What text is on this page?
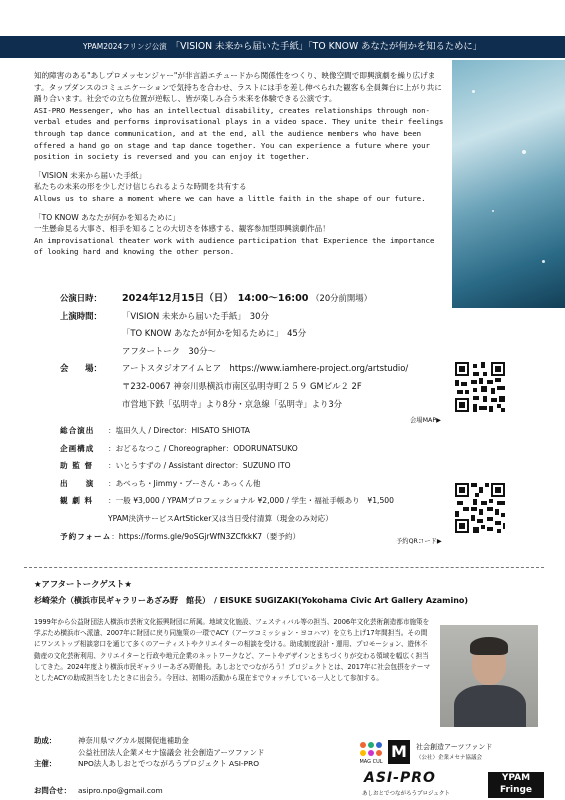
YPAM2024フリンジ公演 「VISION 未来から届いた手紙」「TO KNOW あなたが何かを知るために」

知的障害のある"あしプロメッセンジャー"が非言語エチュードから関係性をつくり、映像空間で即興演劇を繰り広げます。タップダンスのコミュニケーションで気持ちを合わせ、ラストには手を差し伸べられた観客も全員舞台に上がり共に踊り合います。社会での立ち位置が逆転し、皆が楽しみ合う未来を体験できる公演です。

ASI-PRO Messenger, who has an intellectual disability, creates relationships through non-verbal etudes and performs improvisational plays in a video space. They unite their feelings through tap dance communication, and at the end, all the audience members who have been offered a hand go on stage and tap dance together. You can experience a future where your position in society is reversed and you can enjoy it together.

「VISION 未来から届いた手紙」

私たちの未来の形を少しだけ信じられるような時間を共有する

Allows us to share a moment where we can have a little faith in the shape of our future.

「TO KNOW あなたが何かを知るために」

一生懸命見る大事さ、相手を知ることの大切さを体感する、観客参加型即興演劇作品！

An improvisational theater work with audience participation that Experience the importance of looking hard and knowing the other person.

公演日時：	2024年12月15日（日）　14:00～16:00
（20分前開場）
上演時間：	「VISION 未来から届いた手紙」　30分
「TO KNOW あなたが何かを知るために」　45分
アフタートーク　30分～
会　　場：	アートスタジオアイムヒア　https://www.iamhere-project.org/artstudio/
〒232-0067 神奈川県横浜市南区弘明寺町２５９ GMビル２ 2F
市営地下鉄「弘明寺」より8分・京急線「弘明寺」より3分
会場MAP▶
予約QRコード▶
総合演出	：塩田久人 / Director：HISATO SHIOTA
企画構成	：おどるなつこ / Choreographer：ODORUNATSUKO
助 監 督	：いとうすずの / Assistant director：SUZUNO ITO
出　　演	：あべっち・Jimmy・ブーさん・あっくん他
観 劇 料	：一般 ¥3,000 / YPAMプロフェッショナル ¥2,000 / 学生・福祉手帳あり　¥1,500
YPAM決済サービスArtSticker又は当日受付清算（現金のみ対応）
予約フォーム ：https://forms.gle/9oSGjrWfN3ZCfkkK7（要予約）
★アフタートークゲスト★
杉崎栄介（横浜市民ギャラリーあざみ野　館長）　/ EISUKE SUGIZAKI(Yokohama Civic Art Gallery Azamino)
1999年から公益財団法人横浜市芸術文化振興財団に所属。地域文化施設、フェスティバル等の担当、2006年文化芸術創造都市施策を学ぶため横浜市へ派遣、2007年に財団に戻り同施策の一環でACY（アーツコミッション・ヨコハマ）を立ち上げ17年間担当。その間にワンストップ相談窓口を通じて多くのアーティストやクリエイターの相談を受ける。助成制度設計・運用、プロモーション、遊休不動産の文化芸術利用、クリエイターと行政や地元企業のネットワークなど、アートやデザインとまちづくりが交わる領域を幅広く担当してきた。2024年度より横浜市民ギャラリーあざみ野館長。あしおとでつながろう！プロジェクトとは、2017年に社会包摂をテーマとしたACYの助成担当をしたときに出会う。今回は、初期の活動から現在までウォッチしている一人として参加する。
助成：	神奈川県マグカル展開促進補助金
公益社団法人企業メセナ協議会 社会創造アーツファンド
主催：	NPO法人あしおとでつながろうプロジェクト ASI-PRO
お問合せ： asipro.npo@gmail.com
MAG CUL
M	社会創造アーツファンド
（公社）企業メセナ協議会
ASI-PRO
あしおとでつながろうプロジェクト
YPAM
Fringe
